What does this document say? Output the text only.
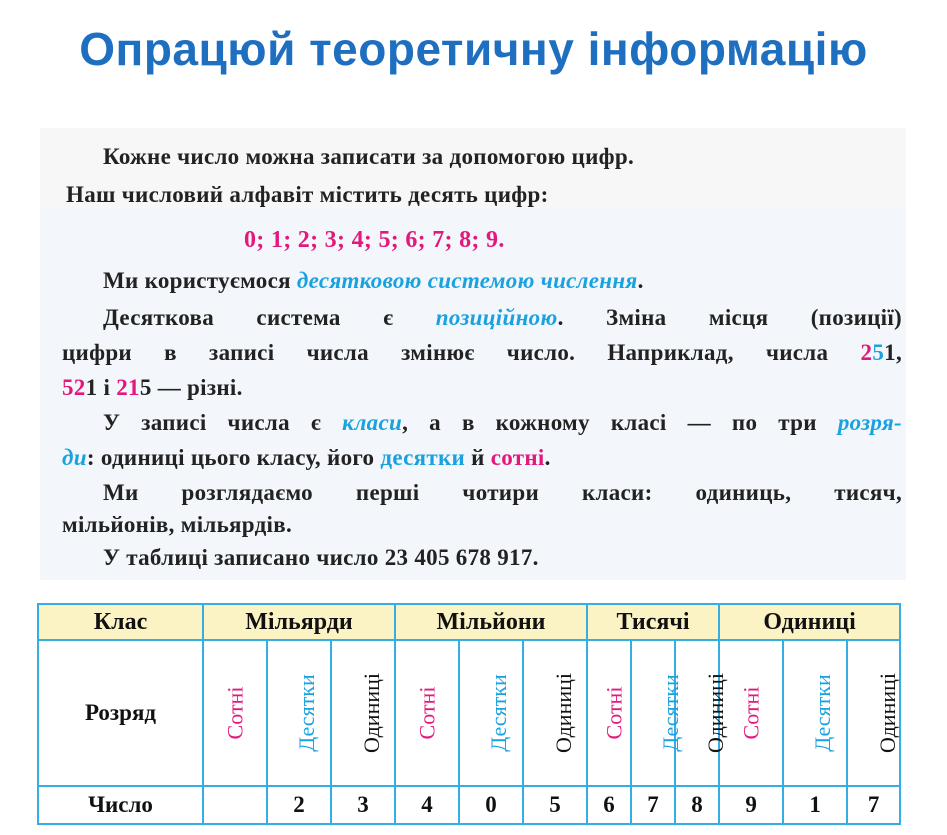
Опрацюй теоретичну інформацію
Кожне число можна записати за допомогою цифр.
Наш числовий алфавіт містить десять цифр:
0; 1; 2; 3; 4; 5; 6; 7; 8; 9.
Ми користуємося десятковою системою числення.
Десяткова система є позиційною. Зміна місця (позиції)
цифри в записі числа змінює число. Наприклад, числа 251,
521 і 215 — різні.
У записі числа є класи, а в кожному класі — по три розря-
ди: одиниці цього класу, його десятки й сотні.
Ми розглядаємо перші чотири класи: одиниць, тисяч,
мільйонів, мільярдів.
У таблиці записано число 23 405 678 917.
Клас	Мільярди			Мільйони			Тисячі			Одиниці		
Розряд	Сотні	Десятки	Одиниці	Сотні	Десятки	Одиниці	Сотні	Десятки	Одиниці	Сотні	Десятки	Одиниці
Число		2	3	4	0	5	6	7	8	9	1	7
